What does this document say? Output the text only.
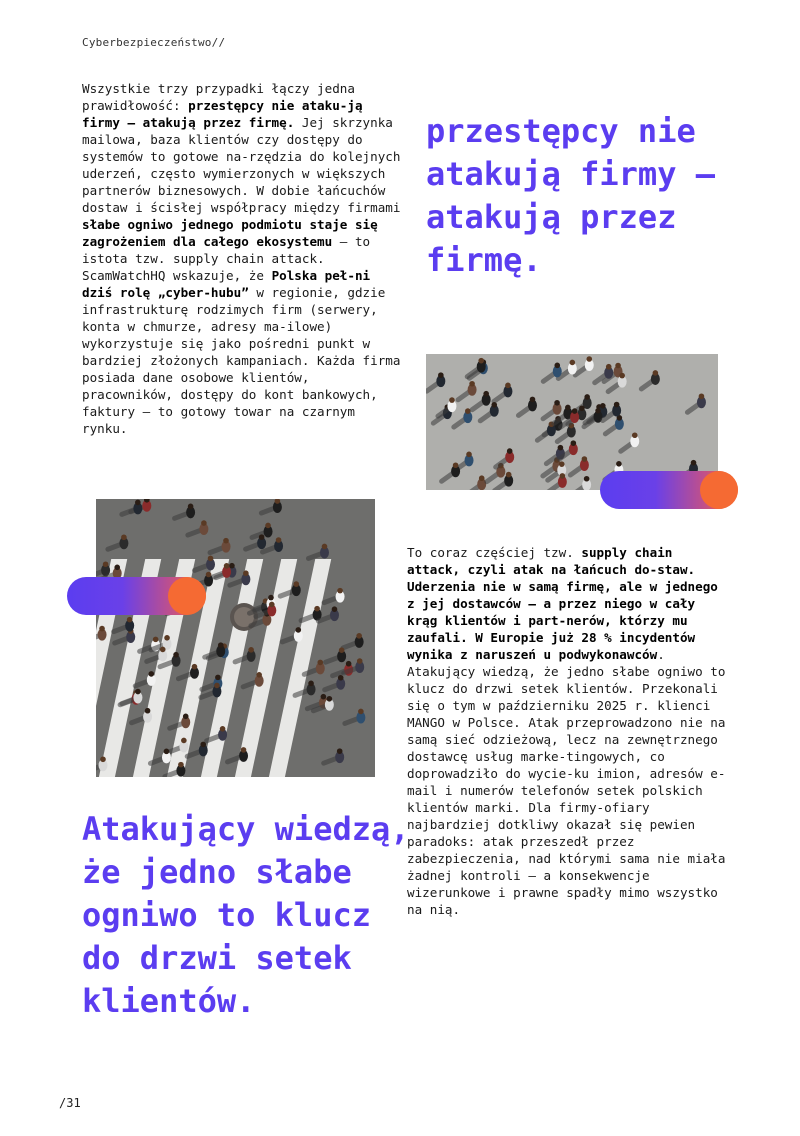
Cyberbezpieczeństwo//
Wszystkie trzy przypadki łączy jedna prawidłowość: przestępcy nie ataku-ją firmy — atakują przez firmę. Jej skrzynka mailowa, baza klientów czy dostępy do systemów to gotowe na-rzędzia do kolejnych uderzeń, często wymierzonych w większych partnerów biznesowych. W dobie łańcuchów dostaw i ścisłej współpracy między firmami słabe ogniwo jednego podmiotu staje się zagrożeniem dla całego ekosystemu — to istota tzw. supply chain attack. ScamWatchHQ wskazuje, że Polska peł-ni dziś rolę „cyber-hubu” w regionie, gdzie infrastrukturę rodzimych firm (serwery, konta w chmurze, adresy ma-ilowe) wykorzystuje się jako pośredni punkt w bardziej złożonych kampaniach. Każda firma posiada dane osobowe klientów, pracowników, dostępy do kont bankowych, faktury — to gotowy towar na czarnym rynku.
przestępcy nie atakują firmy — atakują przez firmę.
To coraz częściej tzw. supply chain attack, czyli atak na łańcuch do-staw. Uderzenia nie w samą firmę, ale w jednego z jej dostawców — a przez niego w cały krąg klientów i part-nerów, którzy mu zaufali. W Europie już 28 % incydentów wynika z naruszeń u podwykonawców. Atakujący wiedzą, że jedno słabe ogniwo to klucz do drzwi setek klientów. Przekonali się o tym w październiku 2025 r. klienci MANGO w Polsce. Atak przeprowadzono nie na samą sieć odzieżową, lecz na zewnętrznego dostawcę usług marke-tingowych, co doprowadziło do wycie-ku imion, adresów e-mail i numerów telefonów setek polskich klientów marki. Dla firmy-ofiary najbardziej dotkliwy okazał się pewien paradoks: atak przeszedł przez zabezpieczenia, nad którymi sama nie miała żadnej kontroli — a konsekwencje wizerunkowe i prawne spadły mimo wszystko na nią.
Atakujący wiedzą, że jedno słabe ogniwo to klucz do drzwi setek klientów.
/31
